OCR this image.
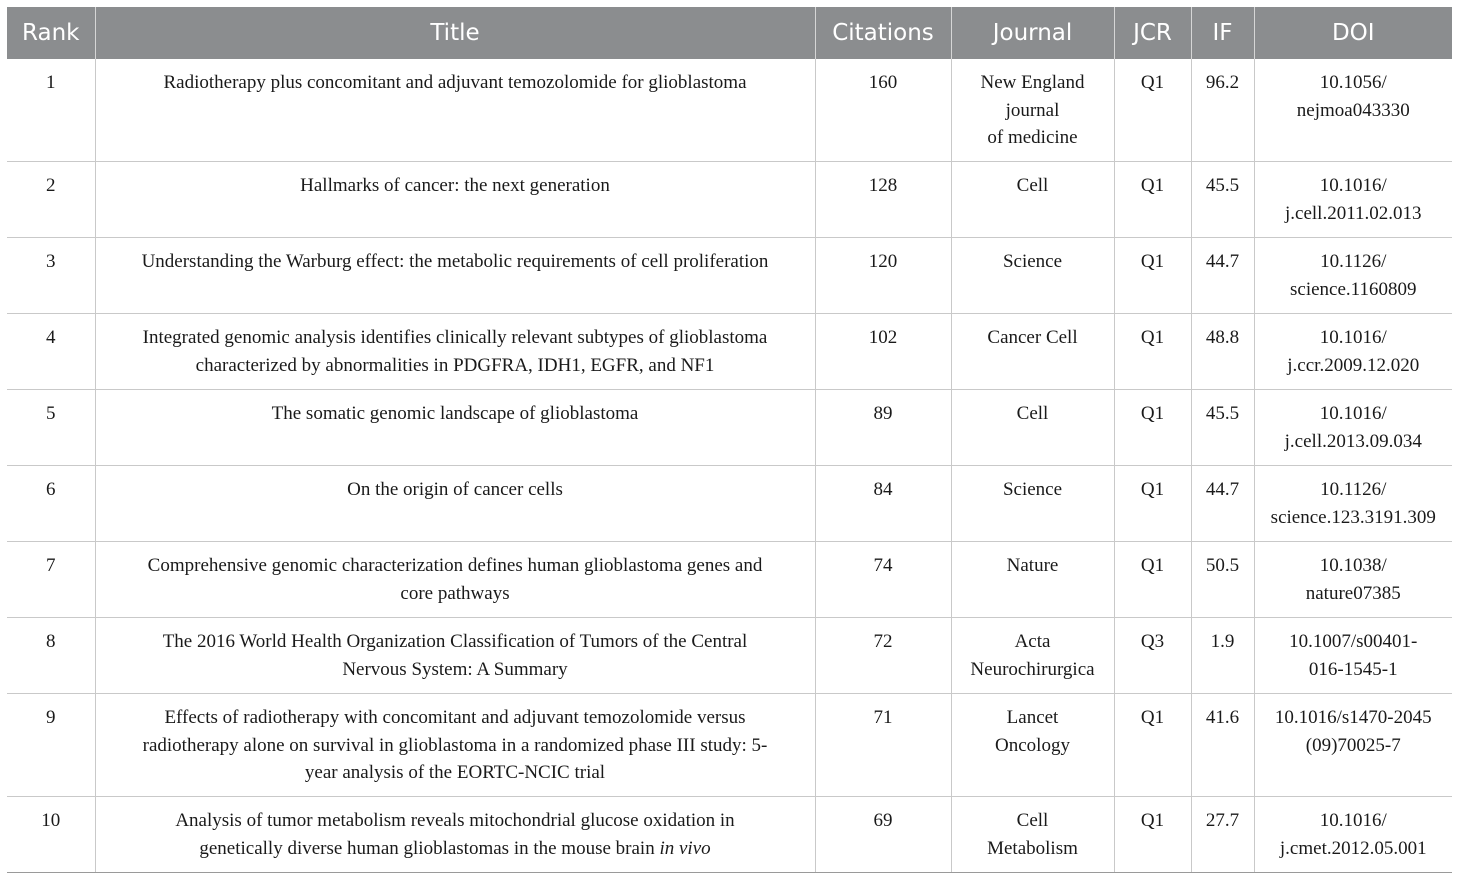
Rank	Title	Citations	Journal	JCR	IF	DOI
1	Radiotherapy plus concomitant and adjuvant temozolomide for glioblastoma	160	New England
journal
of medicine	Q1	96.2	10.1056/
nejmoa043330

2	Hallmarks of cancer: the next generation	128	Cell	Q1	45.5	10.1016/
j.cell.2011.02.013

3	Understanding the Warburg effect: the metabolic requirements of cell proliferation	120	Science	Q1	44.7	10.1126/
science.1160809

4	Integrated genomic analysis identifies clinically relevant subtypes of glioblastoma
characterized by abnormalities in PDGFRA, IDH1, EGFR, and NF1	102	Cancer Cell	Q1	48.8	10.1016/
j.ccr.2009.12.020

5	The somatic genomic landscape of glioblastoma	89	Cell	Q1	45.5	10.1016/
j.cell.2013.09.034

6	On the origin of cancer cells	84	Science	Q1	44.7	10.1126/
science.123.3191.309

7	Comprehensive genomic characterization defines human glioblastoma genes and
core pathways	74	Nature	Q1	50.5	10.1038/
nature07385

8	The 2016 World Health Organization Classification of Tumors of the Central
Nervous System: A Summary	72	Acta
Neurochirurgica	Q3	1.9	10.1007/s00401-
016-1545-1

9	Effects of radiotherapy with concomitant and adjuvant temozolomide versus
radiotherapy alone on survival in glioblastoma in a randomized phase III study: 5-
year analysis of the EORTC-NCIC trial	71	Lancet
Oncology	Q1	41.6	10.1016/s1470-2045
(09)70025-7

10	Analysis of tumor metabolism reveals mitochondrial glucose oxidation in
genetically diverse human glioblastomas in the mouse brain in vivo	69	Cell
Metabolism	Q1	27.7	10.1016/
j.cmet.2012.05.001
